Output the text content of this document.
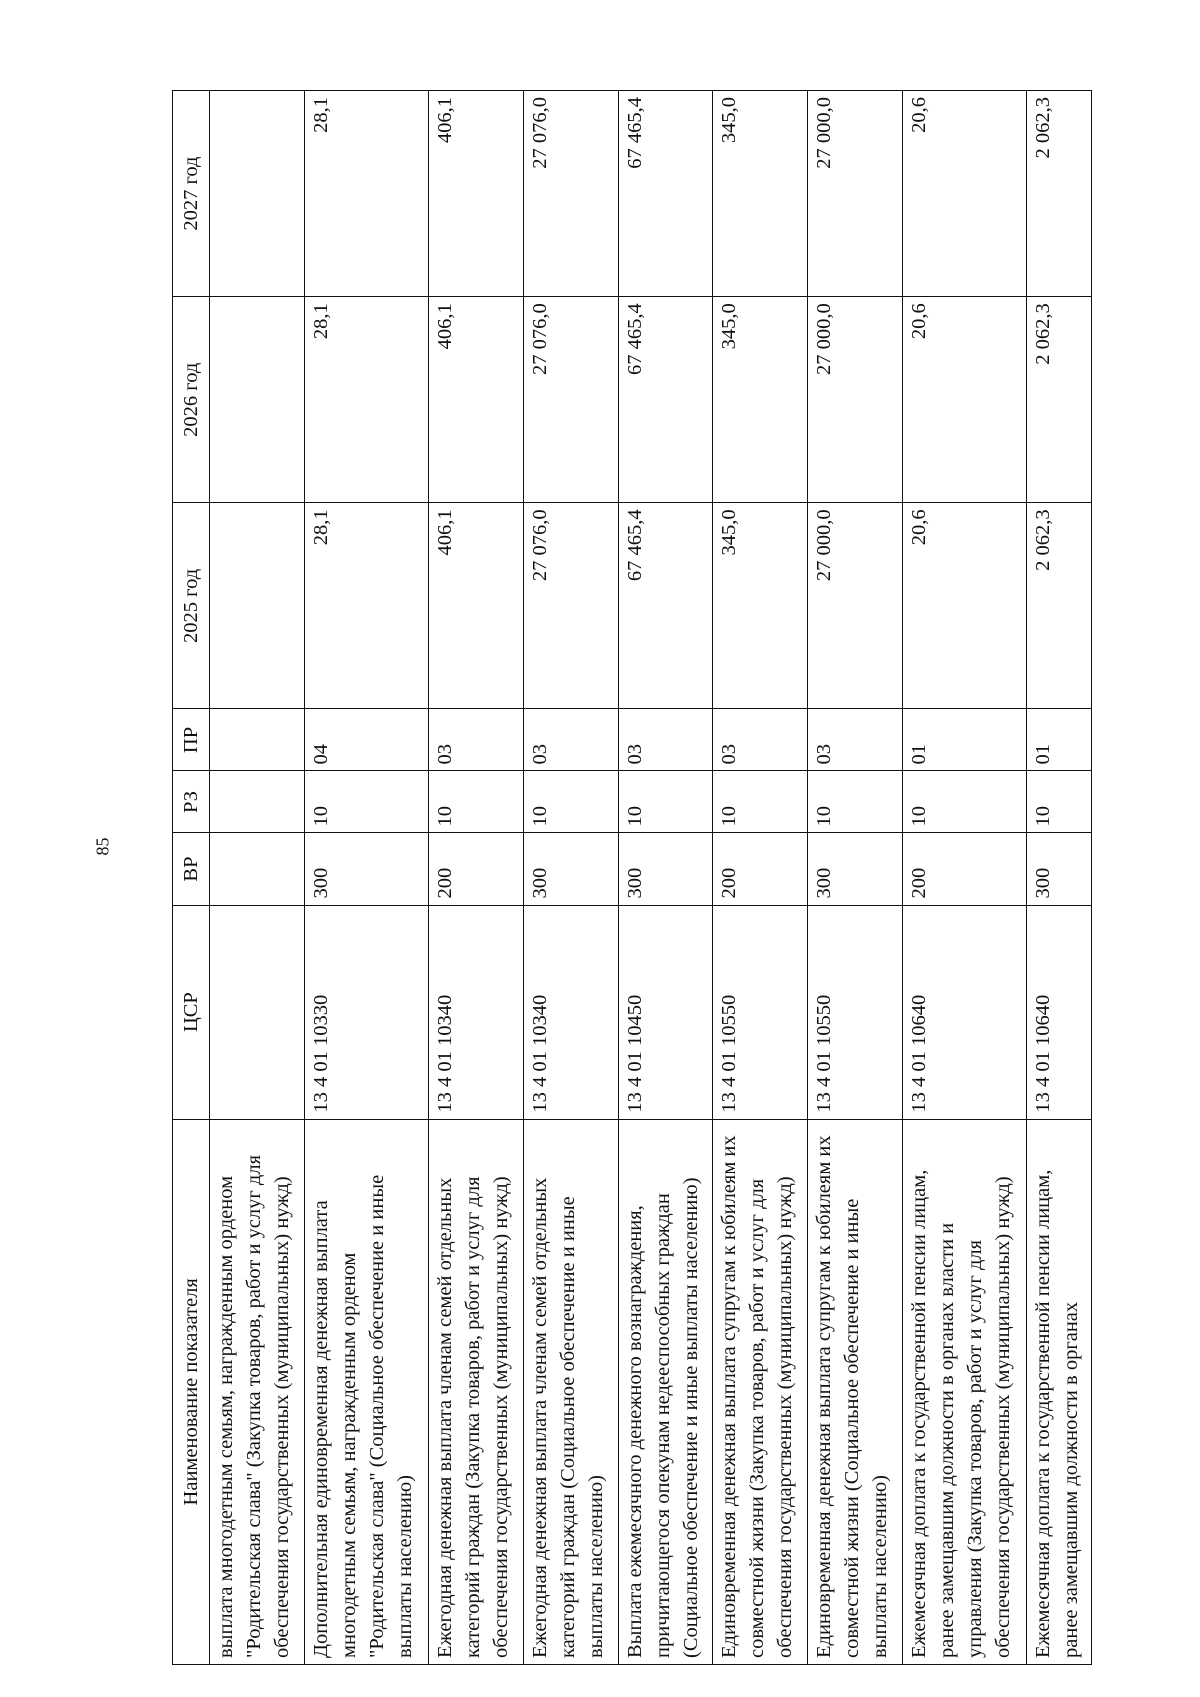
85
Наименование показателя	ЦСР	ВР	РЗ	ПР	2025 год	2026 год	2027 год
выплата многодетным семьям, награжденным орденом "Родительская слава" (Закупка товаров, работ и услуг для обеспечения государственных (муниципальных) нужд)							
Дополнительная единовременная денежная выплата многодетным семьям, награжденным орденом "Родительская слава" (Социальное обеспечение и иные выплаты населению)	13 4 01 10330	300	10	04	28,1	28,1	28,1
Ежегодная денежная выплата членам семей отдельных категорий граждан (Закупка товаров, работ и услуг для обеспечения государственных (муниципальных) нужд)	13 4 01 10340	200	10	03	406,1	406,1	406,1
Ежегодная денежная выплата членам семей отдельных категорий граждан (Социальное обеспечение и иные выплаты населению)	13 4 01 10340	300	10	03	27 076,0	27 076,0	27 076,0
Выплата ежемесячного денежного вознаграждения, причитающегося опекунам недееспособных граждан (Социальное обеспечение и иные выплаты населению)	13 4 01 10450	300	10	03	67 465,4	67 465,4	67 465,4
Единовременная денежная выплата супругам к юбилеям их совместной жизни (Закупка товаров, работ и услуг для обеспечения государственных (муниципальных) нужд)	13 4 01 10550	200	10	03	345,0	345,0	345,0
Единовременная денежная выплата супругам к юбилеям их совместной жизни (Социальное обеспечение и иные выплаты населению)	13 4 01 10550	300	10	03	27 000,0	27 000,0	27 000,0
Ежемесячная доплата к государственной пенсии лицам, ранее замещавшим должности в органах власти и управления (Закупка товаров, работ и услуг для обеспечения государственных (муниципальных) нужд)	13 4 01 10640	200	10	01	20,6	20,6	20,6
Ежемесячная доплата к государственной пенсии лицам, ранее замещавшим должности в органах	13 4 01 10640	300	10	01	2 062,3	2 062,3	2 062,3
